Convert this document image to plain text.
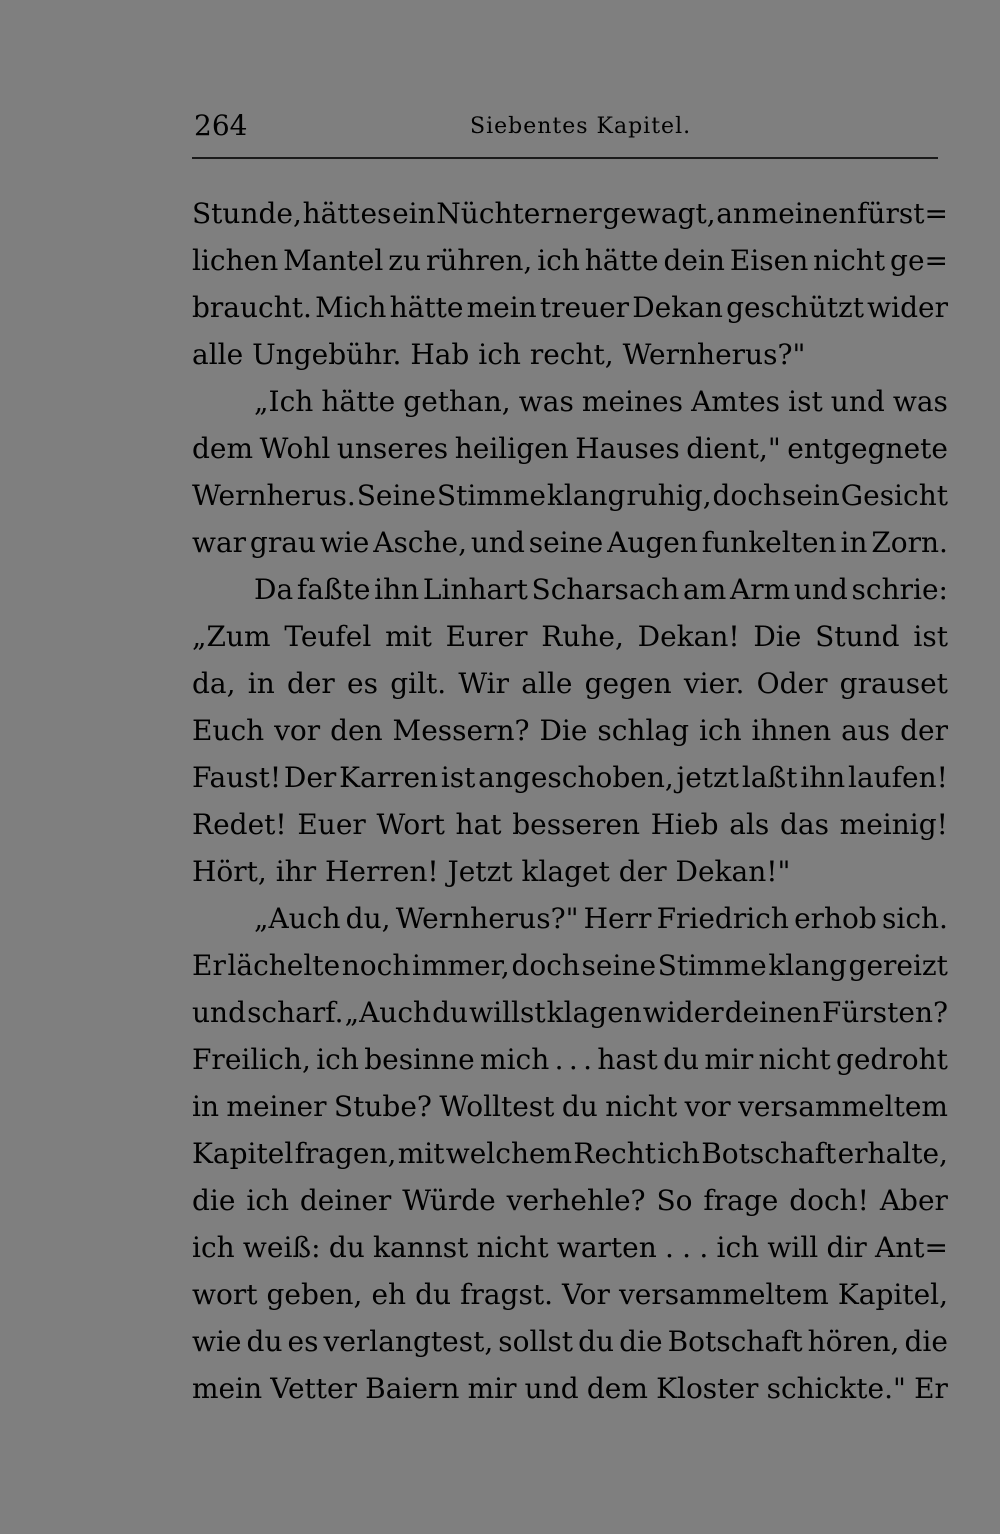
264	Siebentes Kapitel.
Stunde, hätt es ein Nüchterner gewagt, an meinen fürst=
lichen Mantel zu rühren, ich hätte dein Eisen nicht ge=
braucht. Mich hätte mein treuer Dekan geschützt wider
alle Ungebühr. Hab ich recht, Wernherus?"
„Ich hätte gethan, was meines Amtes ist und was
dem Wohl unseres heiligen Hauses dient," entgegnete
Wernherus. Seine Stimme klang ruhig, doch sein Gesicht
war grau wie Asche, und seine Augen funkelten in Zorn.
Da faßte ihn Linhart Scharsach am Arm und schrie:
„Zum Teufel mit Eurer Ruhe, Dekan! Die Stund ist
da, in der es gilt. Wir alle gegen vier. Oder grauset
Euch vor den Messern? Die schlag ich ihnen aus der
Faust! Der Karren ist angeschoben, jetzt laßt ihn laufen!
Redet! Euer Wort hat besseren Hieb als das meinig!
Hört, ihr Herren! Jetzt klaget der Dekan!"
„Auch du, Wernherus?" Herr Friedrich erhob sich.
Er lächelte noch immer, doch seine Stimme klang gereizt
und scharf. „Auch du willst klagen wider deinen Fürsten?
Freilich, ich besinne mich . . . hast du mir nicht gedroht
in meiner Stube? Wolltest du nicht vor versammeltem
Kapitel fragen, mit welchem Recht ich Botschaft erhalte,
die ich deiner Würde verhehle? So frage doch! Aber
ich weiß: du kannst nicht warten . . . ich will dir Ant=
wort geben, eh du fragst. Vor versammeltem Kapitel,
wie du es verlangtest, sollst du die Botschaft hören, die
mein Vetter Baiern mir und dem Kloster schickte." Er
